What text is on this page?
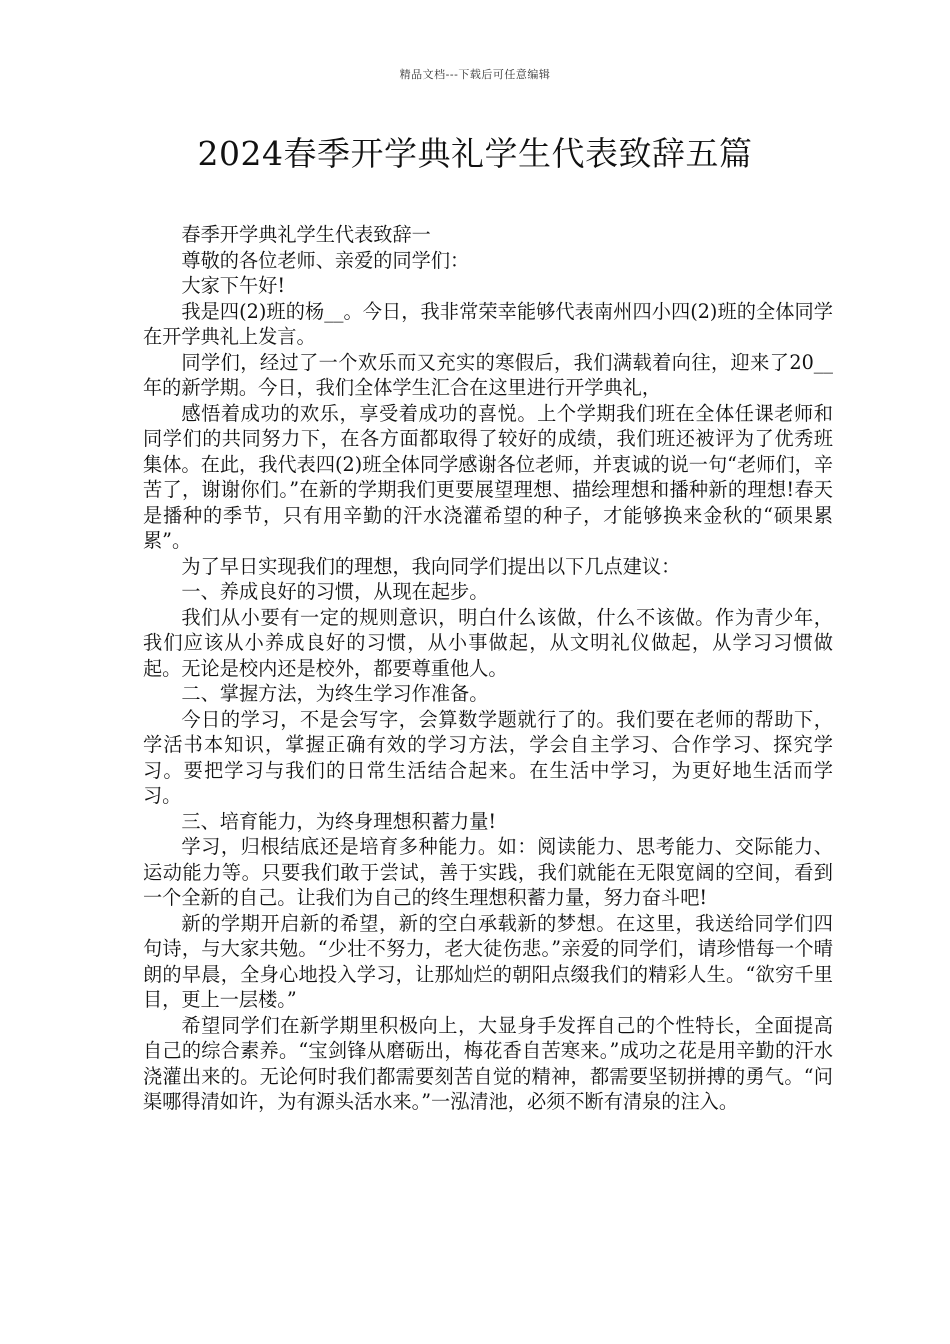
精品文档---下载后可任意编辑
2024春季开学典礼学生代表致辞五篇

春季开学典礼学生代表致辞一

尊敬的各位老师、亲爱的同学们：

大家下午好!

我是四(2)班的杨__。今日，我非常荣幸能够代表南州四小四(2)班的全体同学在开学典礼上发言。

同学们，经过了一个欢乐而又充实的寒假后，我们满载着向往，迎来了20__年的新学期。今日，我们全体学生汇合在这里进行开学典礼，

感悟着成功的欢乐，享受着成功的喜悦。上个学期我们班在全体任课老师和同学们的共同努力下，在各方面都取得了较好的成绩，我们班还被评为了优秀班集体。在此，我代表四(2)班全体同学感谢各位老师，并衷诚的说一句“老师们，辛苦了，谢谢你们。”在新的学期我们更要展望理想、描绘理想和播种新的理想!春天是播种的季节，只有用辛勤的汗水浇灌希望的种子，才能够换来金秋的“硕果累累”。

为了早日实现我们的理想，我向同学们提出以下几点建议：

一、养成良好的习惯，从现在起步。

我们从小要有一定的规则意识，明白什么该做，什么不该做。作为青少年，我们应该从小养成良好的习惯，从小事做起，从文明礼仪做起，从学习习惯做起。无论是校内还是校外，都要尊重他人。

二、掌握方法，为终生学习作准备。

今日的学习，不是会写字，会算数学题就行了的。我们要在老师的帮助下，学活书本知识，掌握正确有效的学习方法，学会自主学习、合作学习、探究学习。要把学习与我们的日常生活结合起来。在生活中学习，为更好地生活而学习。

三、培育能力，为终身理想积蓄力量!

学习，归根结底还是培育多种能力。如：阅读能力、思考能力、交际能力、运动能力等。只要我们敢于尝试，善于实践，我们就能在无限宽阔的空间，看到一个全新的自己。让我们为自己的终生理想积蓄力量，努力奋斗吧!

新的学期开启新的希望，新的空白承载新的梦想。在这里，我送给同学们四句诗，与大家共勉。“少壮不努力，老大徒伤悲。”亲爱的同学们，请珍惜每一个晴朗的早晨，全身心地投入学习，让那灿烂的朝阳点缀我们的精彩人生。“欲穷千里目，更上一层楼。”

希望同学们在新学期里积极向上，大显身手发挥自己的个性特长，全面提高自己的综合素养。“宝剑锋从磨砺出，梅花香自苦寒来。”成功之花是用辛勤的汗水浇灌出来的。无论何时我们都需要刻苦自觉的精神，都需要坚韧拼搏的勇气。“问渠哪得清如许，为有源头活水来。”一泓清池，必须不断有清泉的注入。
